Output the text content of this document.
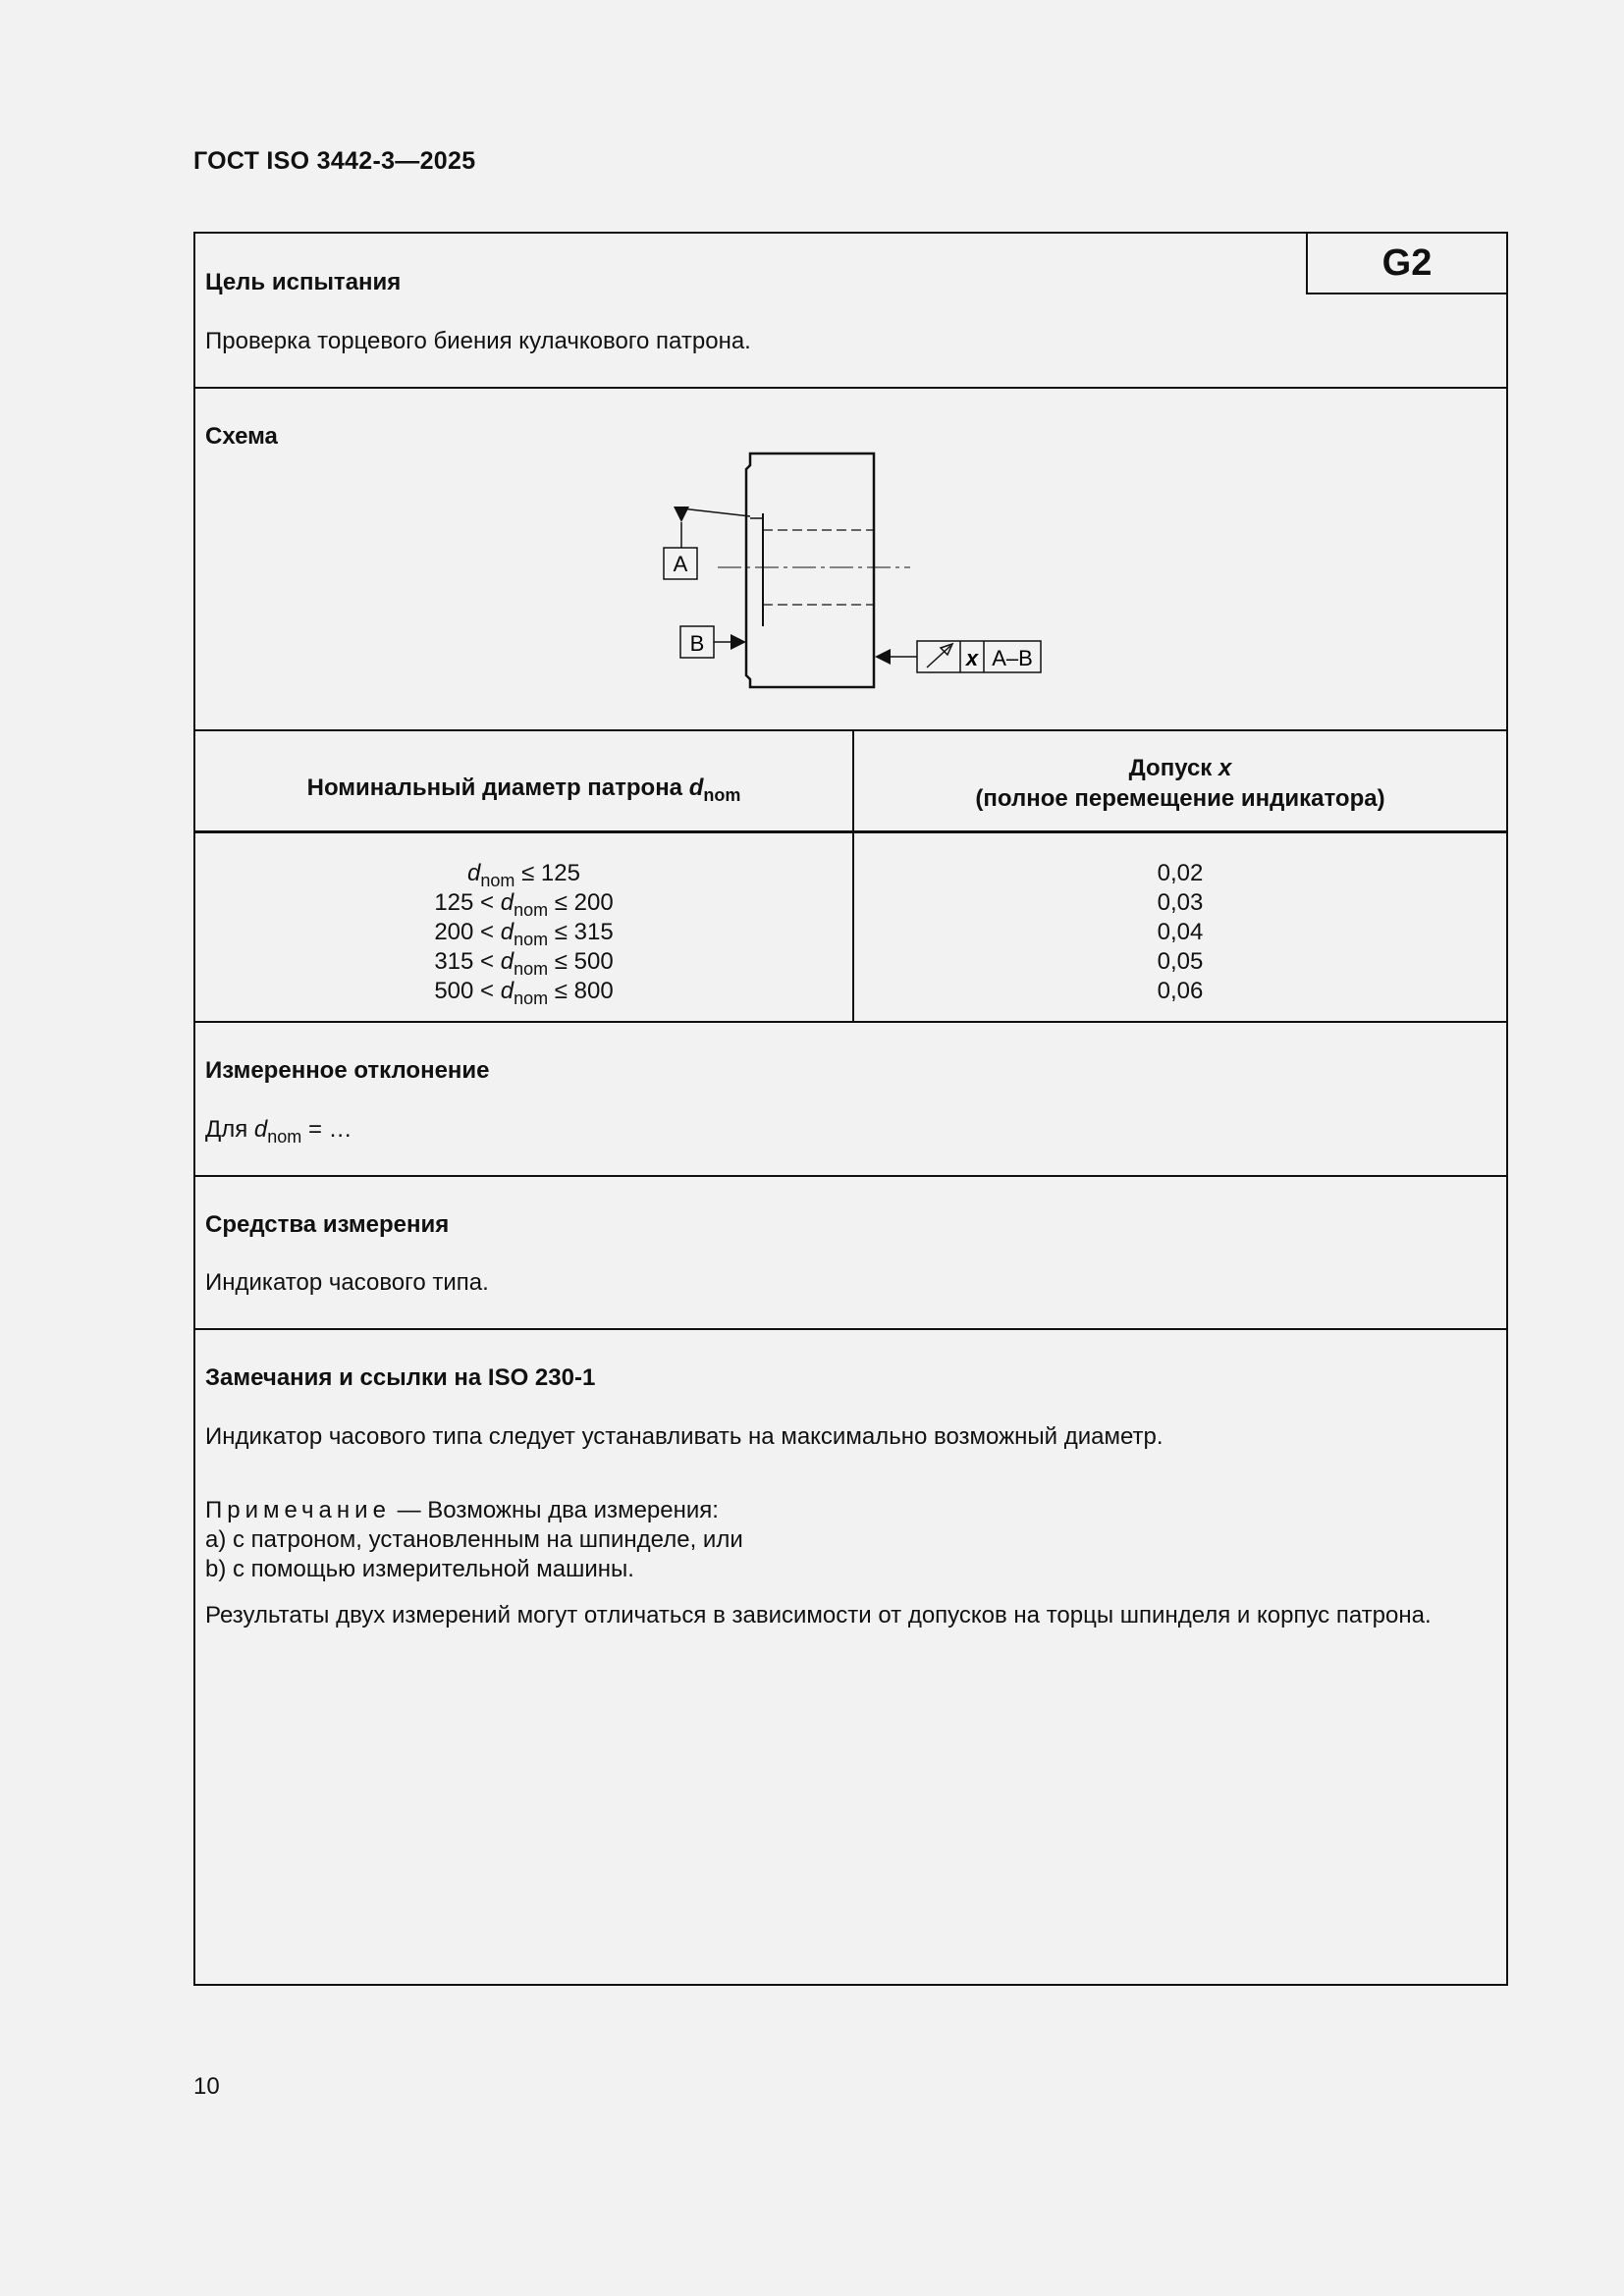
ГОСТ ISO 3442-3—2025
G2
Цель испытания
Проверка торцевого биения кулачкового патрона.
Схема
A
B
x A–B
Номинальный диаметр патрона $d_{nom}$
Допуск x
(полное перемещение индикатора)
$d_{nom} \le 125$
$125 < d_{nom} \le 200$
$200 < d_{nom} \le 315$
$315 < d_{nom} \le 500$
$500 < d_{nom} \le 800$
0,02
0,03
0,04
0,05
0,06
Измеренное отклонение
Для $d_{nom}$ = …
Средства измерения
Индикатор часового типа.
Замечания и ссылки на ISO 230-1
Индикатор часового типа следует устанавливать на максимально возможный диаметр.
Примечание — Возможны два измерения:
a) с патроном, установленным на шпинделе, или
b) с помощью измерительной машины.
Результаты двух измерений могут отличаться в зависимости от допусков на торцы шпинделя и корпус патрона.
10
